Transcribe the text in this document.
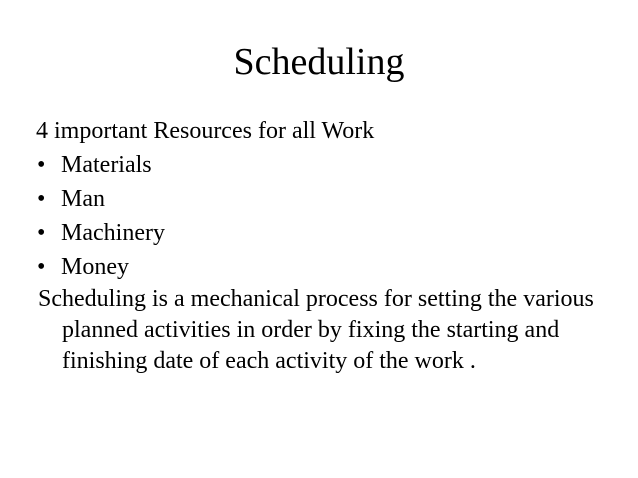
Scheduling

4 important Resources for all Work

• Materials
• Man
• Machinery
• Money

Scheduling is a mechanical process for setting the various planned activities in order by fixing the starting and finishing date of each activity of the work .
